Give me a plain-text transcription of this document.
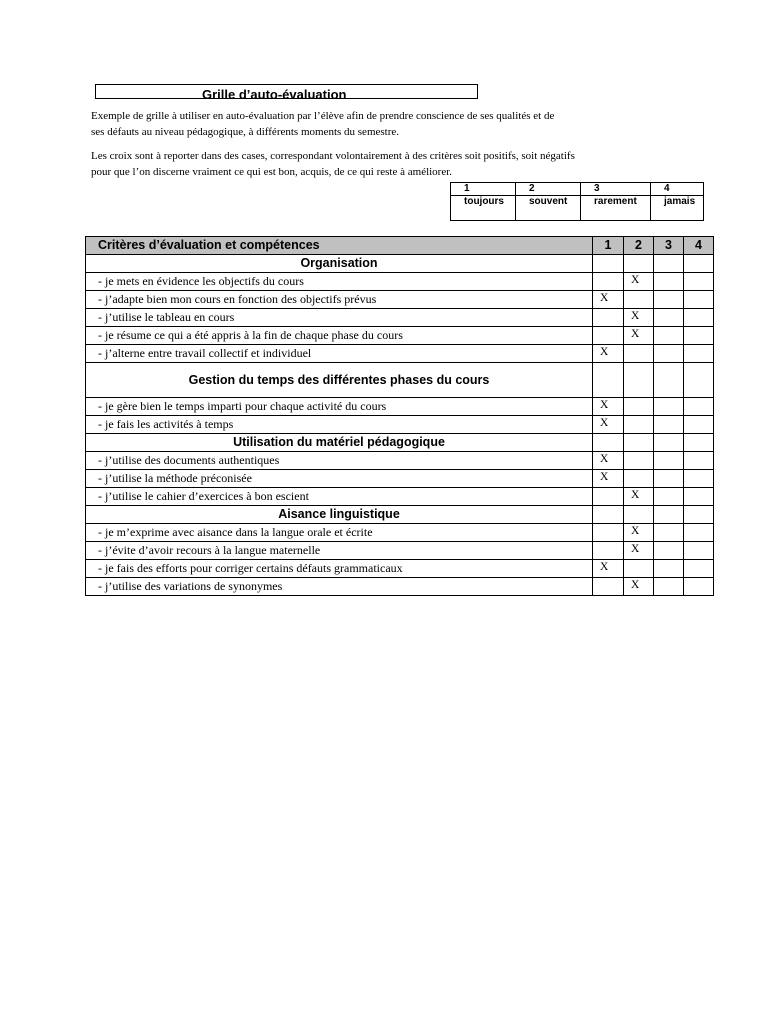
Grille d’auto-évaluation
Exemple de grille à utiliser en auto-évaluation par l’élève afin de prendre conscience de ses qualités et de
ses défauts au niveau pédagogique, à différents moments du semestre.
Les croix sont à reporter dans des cases, correspondant volontairement à des critères soit positifs, soit négatifs
pour que l’on discerne vraiment ce qui est bon, acquis, de ce qui reste à améliorer.
1	2	3	4
toujours	souvent	rarement	jamais
Critères d’évaluation et compétences	1	2	3	4
Organisation				
- je mets en évidence les objectifs du cours		X		
- j’adapte bien mon cours en fonction des objectifs prévus	X			
- j’utilise le tableau en cours		X		
- je résume ce qui a été appris à la fin de chaque phase du cours		X		
- j’alterne entre travail collectif et individuel	X			
Gestion du temps des différentes phases du cours				
- je gère bien le temps imparti pour chaque activité du cours	X			
- je fais les activités à temps	X			
Utilisation du matériel pédagogique				
- j’utilise des documents authentiques	X			
- j’utilise la méthode préconisée	X			
- j’utilise le cahier d’exercices à bon escient		X		
Aisance linguistique				
- je m’exprime avec aisance dans la langue orale et écrite		X		
- j’évite d’avoir recours à la langue maternelle		X		
- je fais des efforts pour corriger certains défauts grammaticaux	X			
- j’utilise des variations de synonymes		X		
